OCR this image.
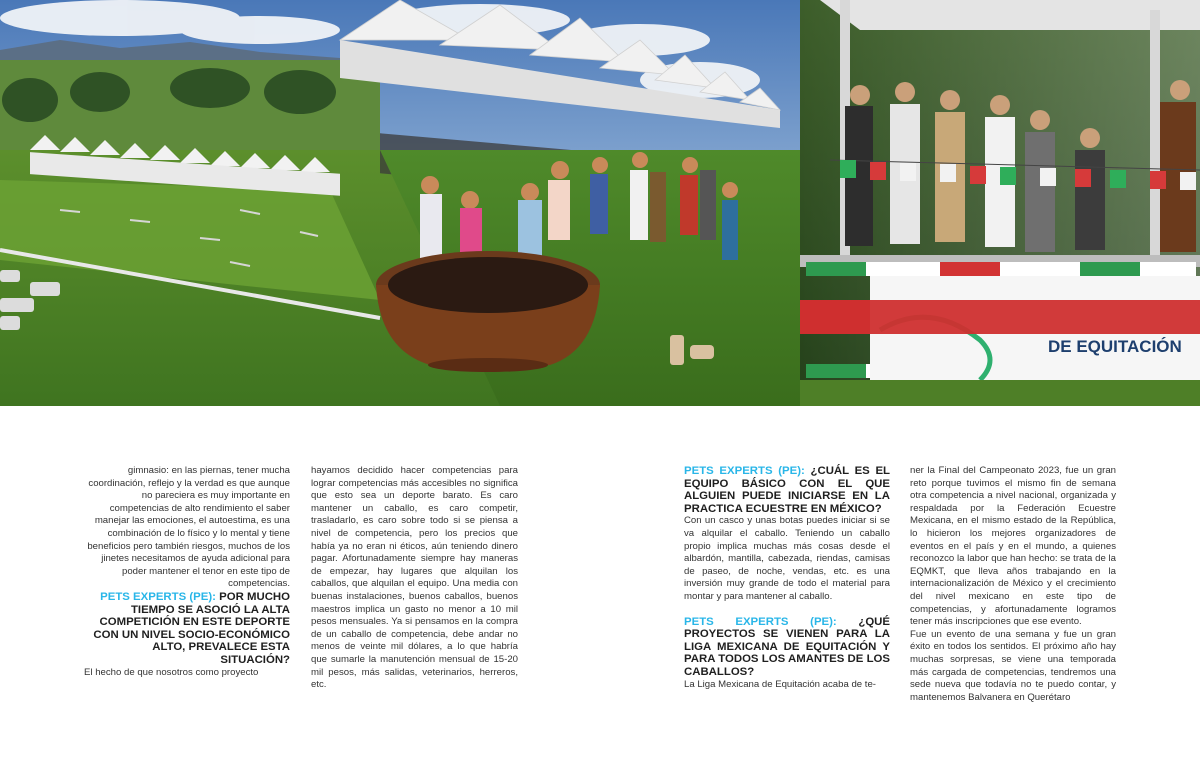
DE EQUITACIÓN

gimnasio: en las piernas, tener mucha coordinación, reflejo y la verdad es que aunque no pareciera es muy importante en competencias de alto rendimiento el saber manejar las emociones, el autoestima, es una combinación de lo físico y lo mental y tiene beneficios pero también riesgos, muchos de los jinetes necesitamos de ayuda adicional para poder mantener el tenor en este tipo de competencias.

PETS EXPERTS (PE): POR MUCHO TIEMPO SE ASOCIÓ LA ALTA COMPETICIÓN EN ESTE DEPORTE CON UN NIVEL SOCIO-ECONÓMICO ALTO, PREVALECE ESTA SITUACIÓN?

El hecho de que nosotros como proyecto

hayamos decidido hacer competencias para lograr competencias más accesibles no significa que esto sea un deporte barato. Es caro mantener un caballo, es caro competir, trasladarlo, es caro sobre todo si se piensa a nivel de competencia, pero los precios que había ya no eran ni éticos, aún teniendo dinero pagar. Afortunadamente siempre hay maneras de empezar, hay lugares que alquilan los caballos, que alquilan el equipo. Una media con buenas instalaciones, buenos caballos, buenos maestros implica un gasto no menor a 10 mil pesos mensuales. Ya si pensamos en la compra de un caballo de competencia, debe andar no menos de veinte mil dólares, a lo que habría que sumarle la manutención mensual de 15-20 mil pesos, más salidas, veterinarios, herreros, etc.

PETS EXPERTS (PE): ¿CUÁL ES EL EQUIPO BÁSICO CON EL QUE ALGUIEN PUEDE INICIARSE EN LA PRACTICA ECUESTRE EN MÉXICO?

Con un casco y unas botas puedes iniciar si se va alquilar el caballo. Teniendo un caballo propio implica muchas más cosas desde el albardón, mantilla, cabezada, riendas, camisas de paseo, de noche, vendas, etc. es una inversión muy grande de todo el material para montar y para mantener al caballo.

PETS EXPERTS (PE): ¿QUÉ PROYECTOS SE VIENEN PARA LA LIGA MEXICANA DE EQUITACIÓN Y PARA TODOS LOS AMANTES DE LOS CABALLOS?

La Liga Mexicana de Equitación acaba de te-

ner la Final del Campeonato 2023, fue un gran reto porque tuvimos el mismo fin de semana otra competencia a nivel nacional, organizada y respaldada por la Federación Ecuestre Mexicana, en el mismo estado de la República, lo hicieron los mejores organizadores de eventos en el país y en el mundo, a quienes reconozco la labor que han hecho: se trata de la EQMKT, que lleva años trabajando en la internacionalización de México y el crecimiento del nivel mexicano en este tipo de competencias, y afortunadamente logramos tener más inscripciones que ese evento.

Fue un evento de una semana y fue un gran éxito en todos los sentidos. El próximo año hay muchas sorpresas, se viene una temporada más cargada de competencias, tendremos una sede nueva que todavía no te puedo contar, y mantenemos Balvanera en Querétaro
